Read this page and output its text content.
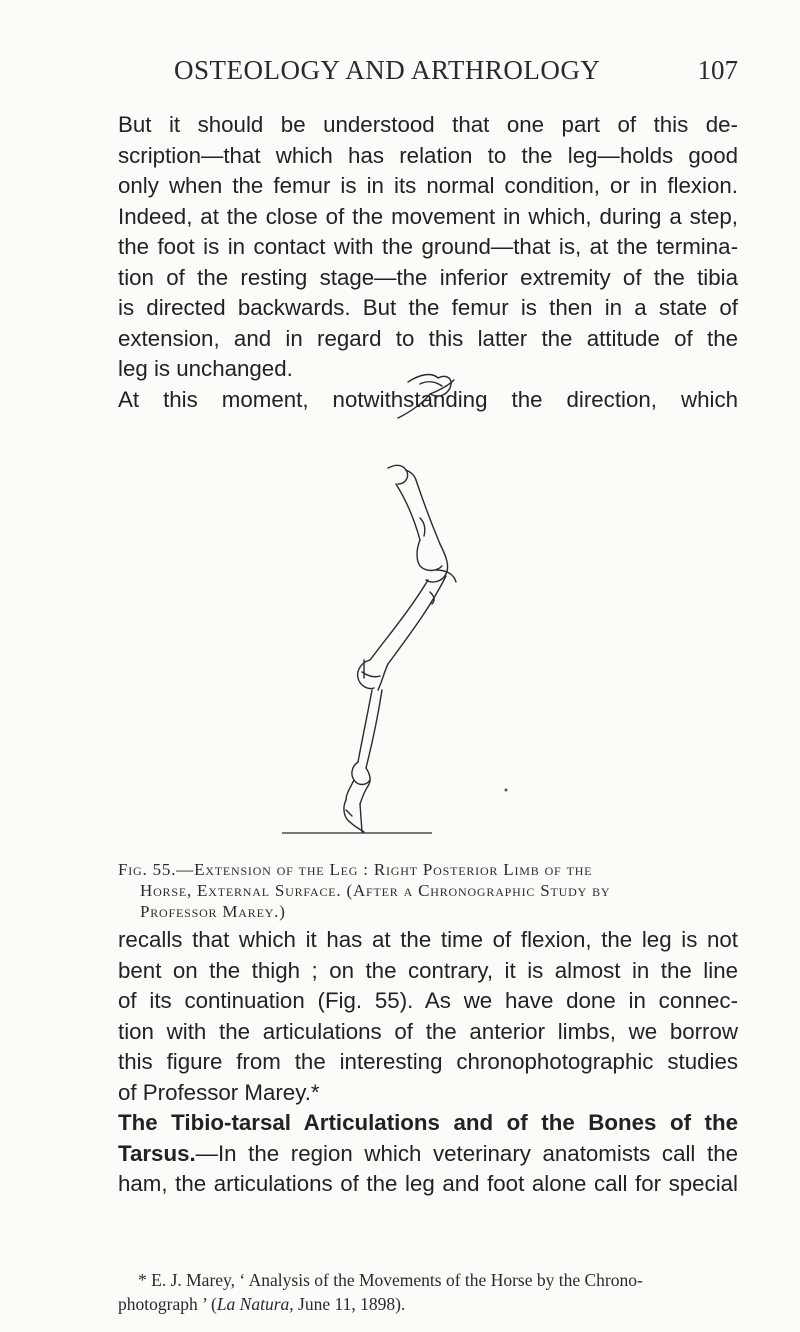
OSTEOLOGY AND ARTHROLOGY	107
But it should be understood that one part of this de-
scription—that which has relation to the leg—holds good
only when the femur is in its normal condition, or in flexion.
Indeed, at the close of the movement in which, during a step,
the foot is in contact with the ground—that is, at the termina-
tion of the resting stage—the inferior extremity of the tibia
is directed backwards. But the femur is then in a state of
extension, and in regard to this latter the attitude of the
leg is unchanged.
At this moment, notwithstanding the direction, which
Fig. 55.—Extension of the Leg : Right Posterior Limb of the
Horse, External Surface. (After a Chronographic Study by
Professor Marey.)
recalls that which it has at the time of flexion, the leg is not
bent on the thigh ; on the contrary, it is almost in the line
of its continuation (Fig. 55). As we have done in connec-
tion with the articulations of the anterior limbs, we borrow
this figure from the interesting chronophotographic studies
of Professor Marey.*
The Tibio-tarsal Articulations and of the Bones of the
Tarsus.—In the region which veterinary anatomists call the
ham, the articulations of the leg and foot alone call for special
* E. J. Marey, ‘ Analysis of the Movements of the Horse by the Chrono-
photograph ’ (La Natura, June 11, 1898).
